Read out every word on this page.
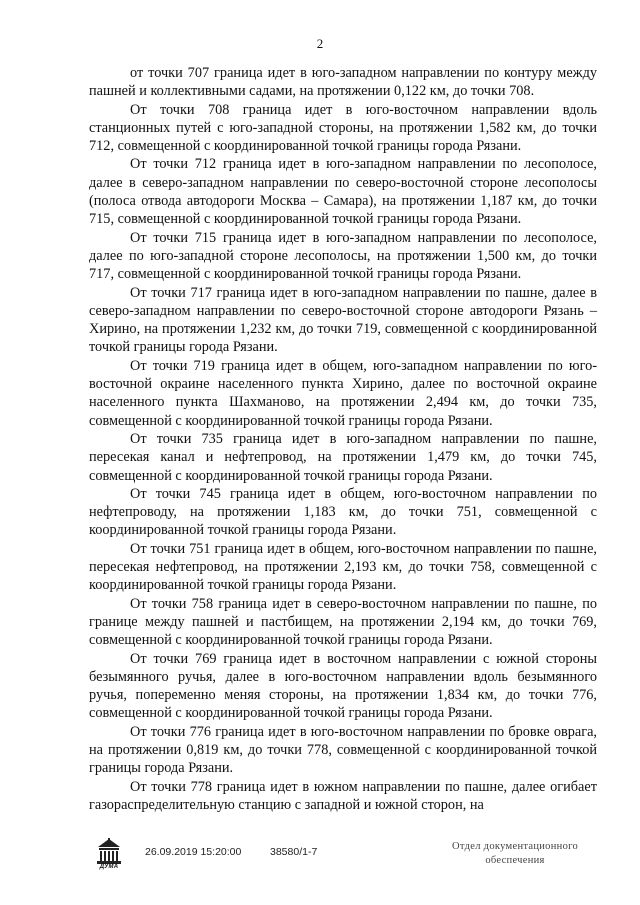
2

от точки 707 граница идет в юго-западном направлении по контуру между пашней и коллективными садами, на протяжении 0,122 км, до точки 708.

От точки 708 граница идет в юго-восточном направлении вдоль станционных путей с юго-западной стороны, на протяжении 1,582 км, до точки 712, совмещенной с координированной точкой границы города Рязани.

От точки 712 граница идет в юго-западном направлении по лесополосе, далее в северо-западном направлении по северо-восточной стороне лесополосы (полоса отвода автодороги Москва – Самара), на протяжении 1,187 км, до точки 715, совмещенной с координированной точкой границы города Рязани.

От точки 715 граница идет в юго-западном направлении по лесополосе, далее по юго-западной стороне лесополосы, на протяжении 1,500 км, до точки 717, совмещенной с координированной точкой границы города Рязани.

От точки 717 граница идет в юго-западном направлении по пашне, далее в северо-западном направлении по северо-восточной стороне автодороги Рязань – Хирино, на протяжении 1,232 км, до точки 719, совмещенной с координированной точкой границы города Рязани.

От точки 719 граница идет в общем, юго-западном направлении по юго-восточной окраине населенного пункта Хирино, далее по восточной окраине населенного пункта Шахманово, на протяжении 2,494 км, до точки 735, совмещенной с координированной точкой границы города Рязани.

От точки 735 граница идет в юго-западном направлении по пашне, пересекая канал и нефтепровод, на протяжении 1,479 км, до точки 745, совмещенной с координированной точкой границы города Рязани.

От точки 745 граница идет в общем, юго-восточном направлении по нефтепроводу, на протяжении 1,183 км, до точки 751, совмещенной с координированной точкой границы города Рязани.

От точки 751 граница идет в общем, юго-восточном направлении по пашне, пересекая нефтепровод, на протяжении 2,193 км, до точки 758, совмещенной с координированной точкой границы города Рязани.

От точки 758 граница идет в северо-восточном направлении по пашне, по границе между пашней и пастбищем, на протяжении 2,194 км, до точки 769, совмещенной с координированной точкой границы города Рязани.

От точки 769 граница идет в восточном направлении с южной стороны безымянного ручья, далее в юго-восточном направлении вдоль безымянного ручья, попеременно меняя стороны, на протяжении 1,834 км, до точки 776, совмещенной с координированной точкой границы города Рязани.

От точки 776 граница идет в юго-восточном направлении по бровке оврага, на протяжении 0,819 км, до точки 778, совмещенной с координированной точкой границы города Рязани.

От точки 778 граница идет в южном направлении по пашне, далее огибает газораспределительную станцию с западной и южной сторон, на

ДУМА
26.09.2019 15:20:00	38580/1-7	Отдел документационного
обеспечения
